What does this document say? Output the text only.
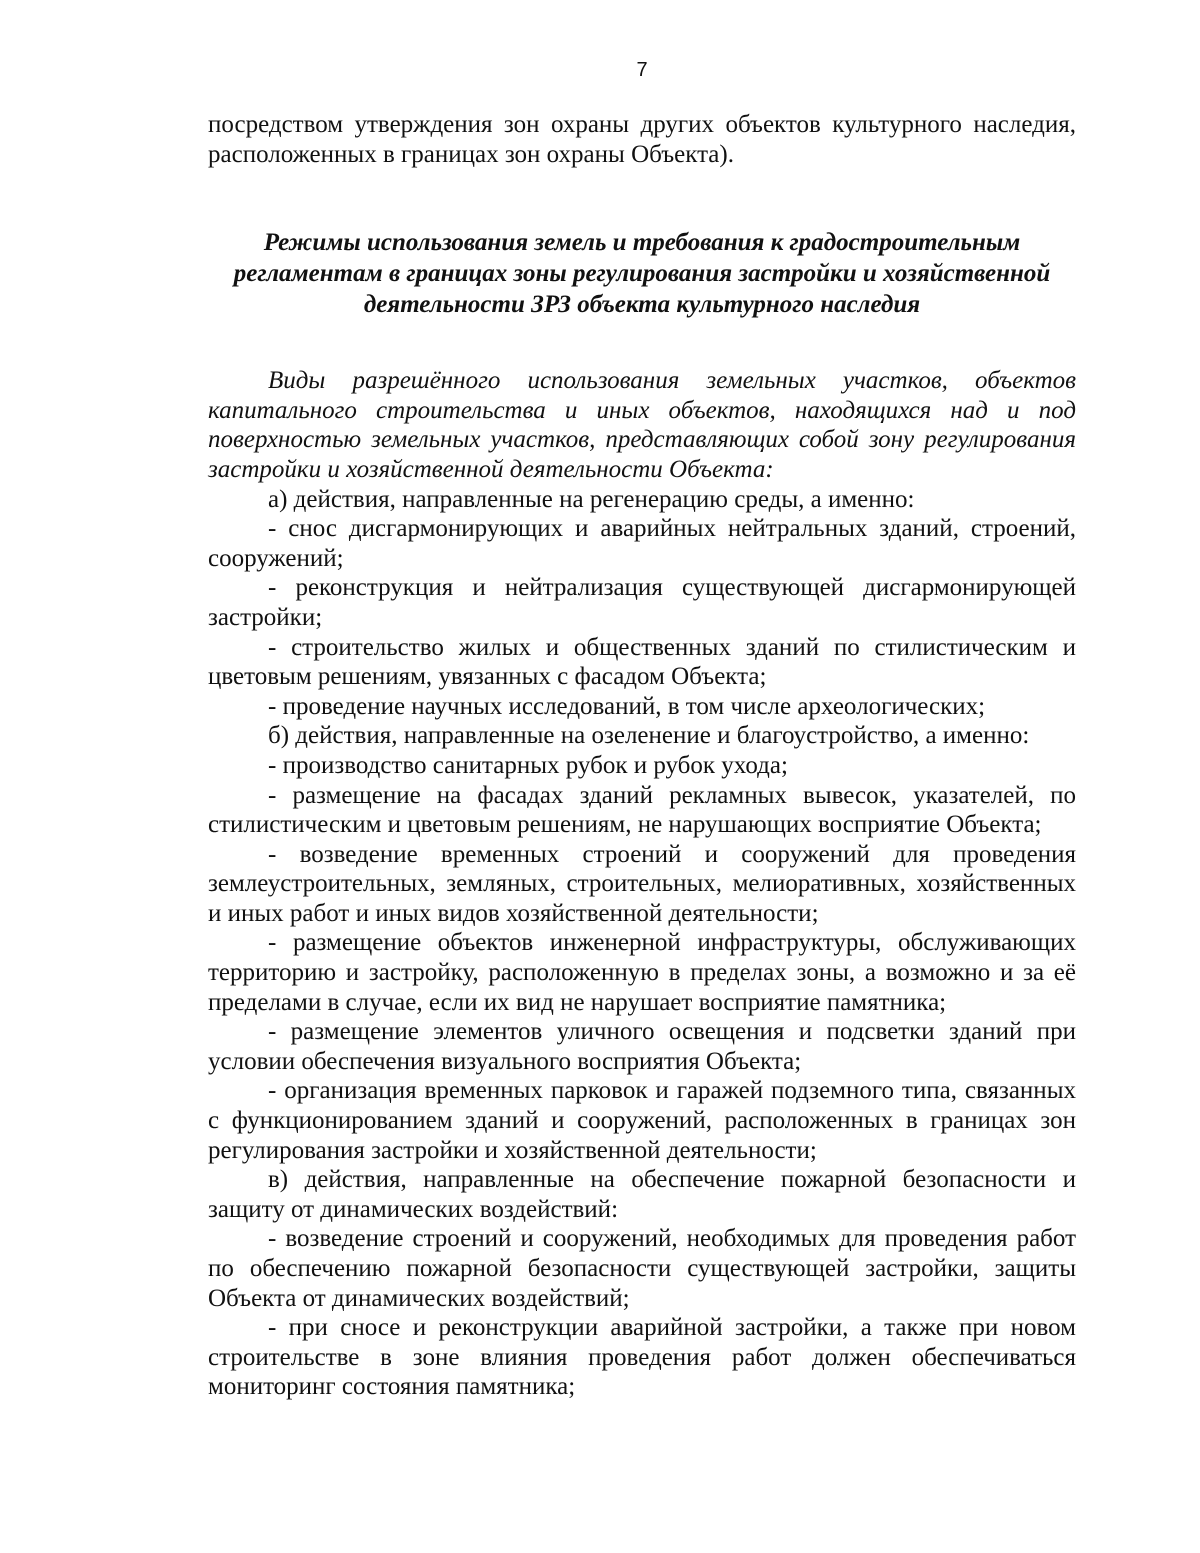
7

посредством утверждения зон охраны других объектов культурного наследия, расположенных в границах зон охраны Объекта).

Режимы использования земель и требования к градостроительным
регламентам в границах зоны регулирования застройки и хозяйственной
деятельности ЗРЗ объекта культурного наследия

Виды разрешённого использования земельных участков, объектов капитального строительства и иных объектов, находящихся над и под поверхностью земельных участков, представляющих собой зону регулирования застройки и хозяйственной деятельности Объекта:

а) действия, направленные на регенерацию среды, а именно:

- снос дисгармонирующих и аварийных нейтральных зданий, строений, сооружений;

- реконструкция и нейтрализация существующей дисгармонирующей застройки;

- строительство жилых и общественных зданий по стилистическим и цветовым решениям, увязанных с фасадом Объекта;

- проведение научных исследований, в том числе археологических;

б) действия, направленные на озеленение и благоустройство, а именно:

- производство санитарных рубок и рубок ухода;

- размещение на фасадах зданий рекламных вывесок, указателей, по стилистическим и цветовым решениям, не нарушающих восприятие Объекта;

- возведение временных строений и сооружений для проведения землеустроительных, земляных, строительных, мелиоративных, хозяйственных и иных работ и иных видов хозяйственной деятельности;

- размещение объектов инженерной инфраструктуры, обслуживающих территорию и застройку, расположенную в пределах зоны, а возможно и за её пределами в случае, если их вид не нарушает восприятие памятника;

- размещение элементов уличного освещения и подсветки зданий при условии обеспечения визуального восприятия Объекта;

- организация временных парковок и гаражей подземного типа, связанных с функционированием зданий и сооружений, расположенных в границах зон регулирования застройки и хозяйственной деятельности;

в) действия, направленные на обеспечение пожарной безопасности и защиту от динамических воздействий:

- возведение строений и сооружений, необходимых для проведения работ по обеспечению пожарной безопасности существующей застройки, защиты Объекта от динамических воздействий;

- при сносе и реконструкции аварийной застройки, а также при новом строительстве в зоне влияния проведения работ должен обеспечиваться мониторинг состояния памятника;
